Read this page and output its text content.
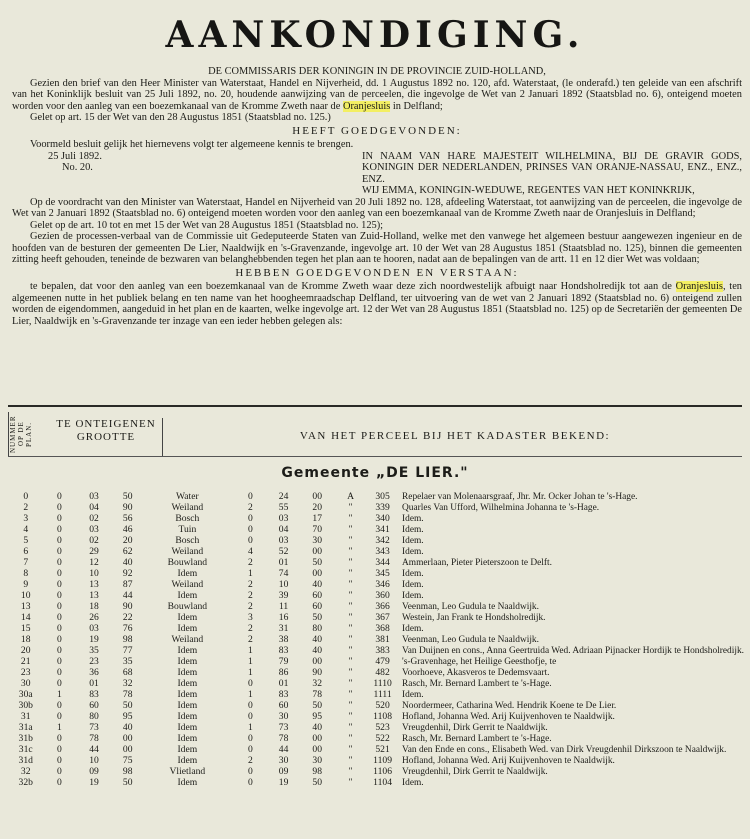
AANKONDIGING.

DE COMMISSARIS DER KONINGIN IN DE PROVINCIE ZUID-HOLLAND,

Gezien den brief van den Heer Minister van Waterstaat, Handel en Nijverheid, dd. 1 Augustus 1892 no. 120, afd. Waterstaat, (le onderafd.) ten geleide van een afschrift van het Koninklijk besluit van 25 Juli 1892, no. 20, houdende aanwijzing van de perceelen, die ingevolge de Wet van 2 Januari 1892 (Staatsblad no. 6), onteigend moeten worden voor den aanleg van een boezemkanaal van de Kromme Zweth naar de Oranjesluis in Delfland;

Gelet op art. 15 der Wet van den 28 Augustus 1851 (Staatsblad no. 125.)

HEEFT GOEDGEVONDEN:

Voormeld besluit gelijk het hiernevens volgt ter algemeene kennis te brengen.

25 Juli 1892.

No. 20.

IN NAAM VAN HARE MAJESTEIT WILHELMINA, BIJ DE GRAVIR GODS, KONINGIN DER NEDERLANDEN, PRINSES VAN ORANJE-NASSAU, ENZ., ENZ., ENZ.

WIJ EMMA, KONINGIN-WEDUWE, REGENTES VAN HET KONINKRIJK,

Op de voordracht van den Minister van Waterstaat, Handel en Nijverheid van 20 Juli 1892 no. 128, afdeeling Waterstaat, tot aanwijzing van de perceelen, die ingevolge de Wet van 2 Januari 1892 (Staatsblad no. 6) onteigend moeten worden voor den aanleg van een boezemkanaal van de Kromme Zweth naar de Oranjesluis in Delfland;

Gelet op de art. 10 tot en met 15 der Wet van 28 Augustus 1851 (Staatsblad no. 125);

Gezien de processen-verbaal van de Commissie uit Gedeputeerde Staten van Zuid-Holland, welke met den vanwege het algemeen bestuur aangewezen ingenieur en de hoofden van de besturen der gemeenten De Lier, Naaldwijk en 's-Gravenzande, ingevolge art. 10 der Wet van 28 Augustus 1851 (Staatsblad no. 125), binnen die gemeenten zitting heeft gehouden, teneinde de bezwaren van belanghebbenden tegen het plan aan te hooren, nadat aan de bepalingen van de artt. 11 en 12 dier Wet was voldaan;

HEBBEN GOEDGEVONDEN EN VERSTAAN:

te bepalen, dat voor den aanleg van een boezemkanaal van de Kromme Zweth waar deze zich noordwestelijk afbuigt naar Hondsholredijk tot aan de Oranjesluis, ten algemeenen nutte in het publiek belang en ten name van het hoogheemraadschap Delfland, ter uitvoering van de wet van 2 Januari 1892 (Staatsblad no. 6) onteigend zullen worden de eigendommen, aangeduid in het plan en de kaarten, welke ingevolge art. 12 der Wet van 28 Augustus 1851 (Staatsblad no. 125) op de Secretariën der gemeenten De Lier, Naaldwijk en 's-Gravenzande ter inzage van een ieder hebben gelegen als:

NUMMER OP DE PLAN.	TE ONTEIGENEN
GROOTTE	VAN HET PERCEEL BIJ HET KADASTER BEKEND:
Gemeente „DE LIER."
0	0	03	50	Water	0	24	00	A	305	Repelaer van Molenaarsgraaf, Jhr. Mr. Ocker Johan te 's-Hage.
2	0	04	90	Weiland	2	55	20	"	339	Quarles Van Ufford, Wilhelmina Johanna te 's-Hage.
3	0	02	56	Bosch	0	03	17	"	340	Idem.
4	0	03	46	Tuin	0	04	70	"	341	Idem.
5	0	02	20	Bosch	0	03	30	"	342	Idem.
6	0	29	62	Weiland	4	52	00	"	343	Idem.
7	0	12	40	Bouwland	2	01	50	"	344	Ammerlaan, Pieter Pieterszoon te Delft.
8	0	10	92	Idem	1	74	00	"	345	Idem.
9	0	13	87	Weiland	2	10	40	"	346	Idem.
10	0	13	44	Idem	2	39	60	"	360	Idem.
13	0	18	90	Bouwland	2	11	60	"	366	Veenman, Leo Gudula te Naaldwijk.
14	0	26	22	Idem	3	16	50	"	367	Westein, Jan Frank te Hondsholredijk.
15	0	03	76	Idem	2	31	80	"	368	Idem.
18	0	19	98	Weiland	2	38	40	"	381	Veenman, Leo Gudula te Naaldwijk.
20	0	35	77	Idem	1	83	40	"	383	Van Duijnen en cons., Anna Geertruida Wed. Adriaan Pijnacker Hordijk te Hondsholredijk.
21	0	23	35	Idem	1	79	00	"	479	's-Gravenhage, het Heilige Geesthofje, te
23	0	36	68	Idem	1	86	90	"	482	Voorhoeve, Akasveros te Dedemsvaart.
30	0	01	32	Idem	0	01	32	"	1110	Rasch, Mr. Bernard Lambert te 's-Hage.
30a	1	83	78	Idem	1	83	78	"	1111	Idem.
30b	0	60	50	Idem	0	60	50	"	520	Noordermeer, Catharina Wed. Hendrik Koene te De Lier.
31	0	80	95	Idem	0	30	95	"	1108	Hofland, Johanna Wed. Arij Kuijvenhoven te Naaldwijk.
31a	1	73	40	Idem	1	73	40	"	523	Vreugdenhil, Dirk Gerrit te Naaldwijk.
31b	0	78	00	Idem	0	78	00	"	522	Rasch, Mr. Bernard Lambert te 's-Hage.
31c	0	44	00	Idem	0	44	00	"	521	Van den Ende en cons., Elisabeth Wed. van Dirk Vreugdenhil Dirkszoon te Naaldwijk.
31d	0	10	75	Idem	2	30	30	"	1109	Hofland, Johanna Wed. Arij Kuijvenhoven te Naaldwijk.
32	0	09	98	Vlietland	0	09	98	"	1106	Vreugdenhil, Dirk Gerrit te Naaldwijk.
32b	0	19	50	Idem	0	19	50	"	1104	Idem.
